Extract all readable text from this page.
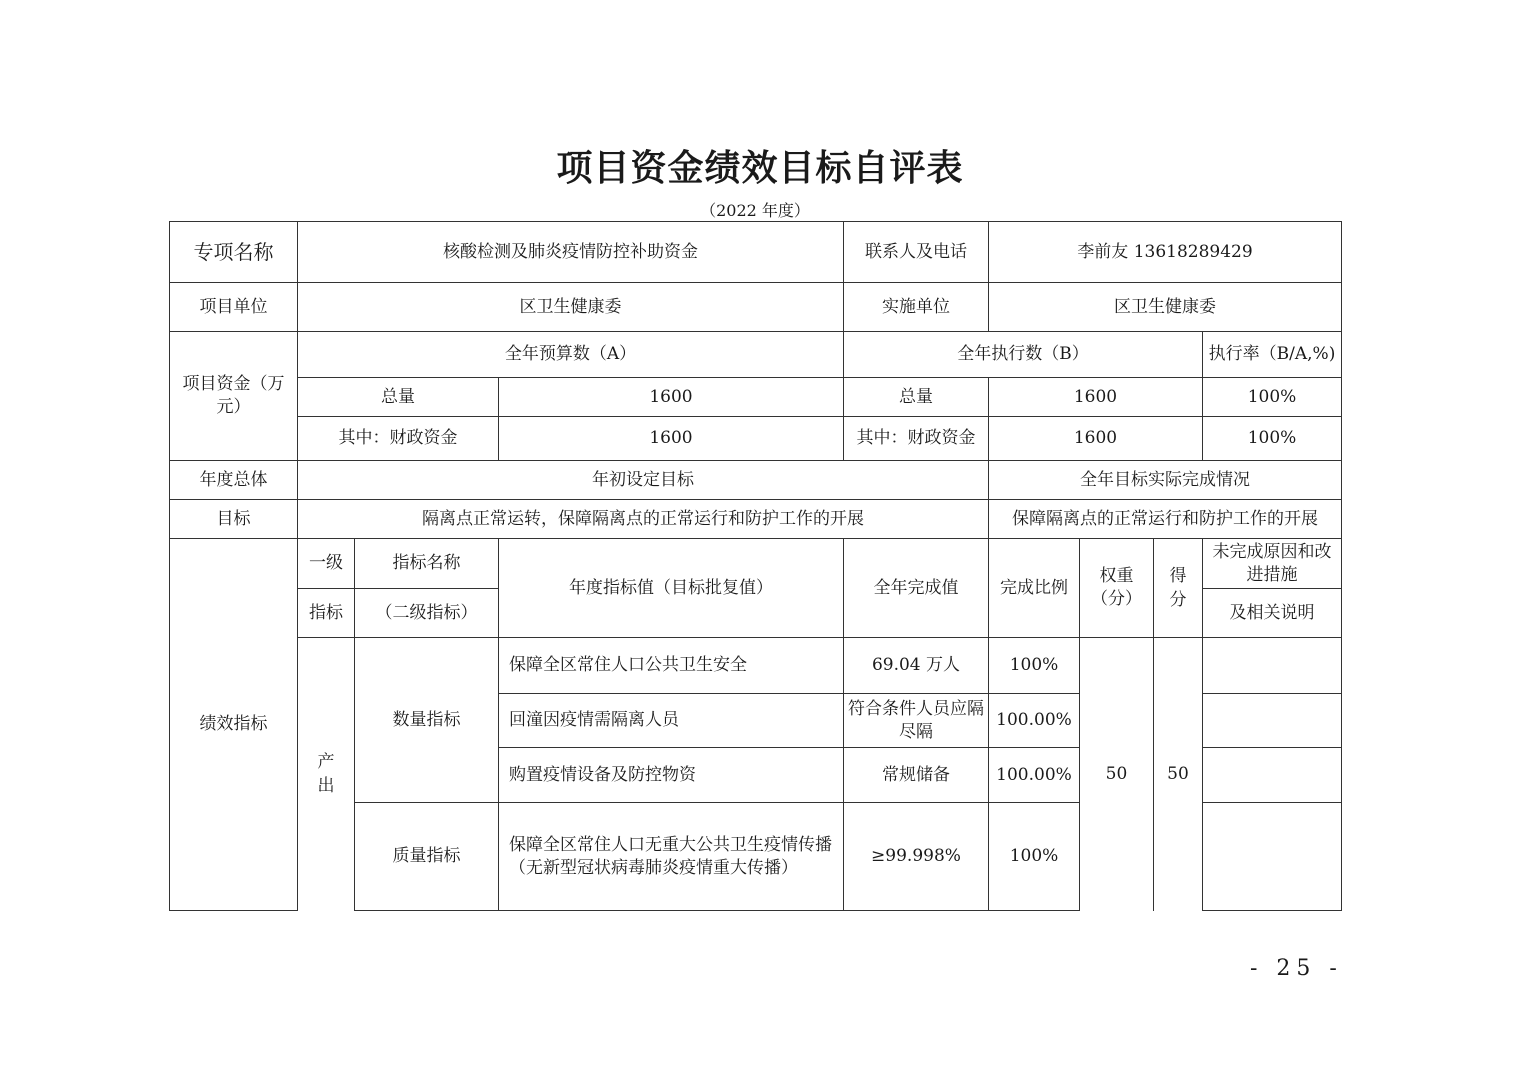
项目资金绩效目标自评表
（2022 年度）
专项名称	核酸检测及肺炎疫情防控补助资金			联系人及电话	李前友 13618289429			
项目单位	区卫生健康委			实施单位	区卫生健康委			
项目资金（万元）	全年预算数（A）			全年执行数（B）				执行率（B/A,%)
	总量		1600	总量	1600			100%
	其中：财政资金		1600	其中：财政资金	1600			100%
年度总体	年初设定目标				全年目标实际完成情况			
目标	隔离点正常运转，保障隔离点的正常运行和防护工作的开展				保障隔离点的正常运行和防护工作的开展			
绩效指标	一级	指标名称	年度指标值（目标批复值）	全年完成值	完成比例	权重（分）	得分	未完成原因和改进措施
	指标	（二级指标）						及相关说明
	产出	数量指标	保障全区常住人口公共卫生安全	69.04 万人	100%	50	50	
			回潼因疫情需隔离人员	符合条件人员应隔尽隔	100.00%			
			购置疫情设备及防控物资	常规储备	100.00%			
		质量指标	保障全区常住人口无重大公共卫生疫情传播（无新型冠状病毒肺炎疫情重大传播）	≥99.998%	100%			
- 25 -
